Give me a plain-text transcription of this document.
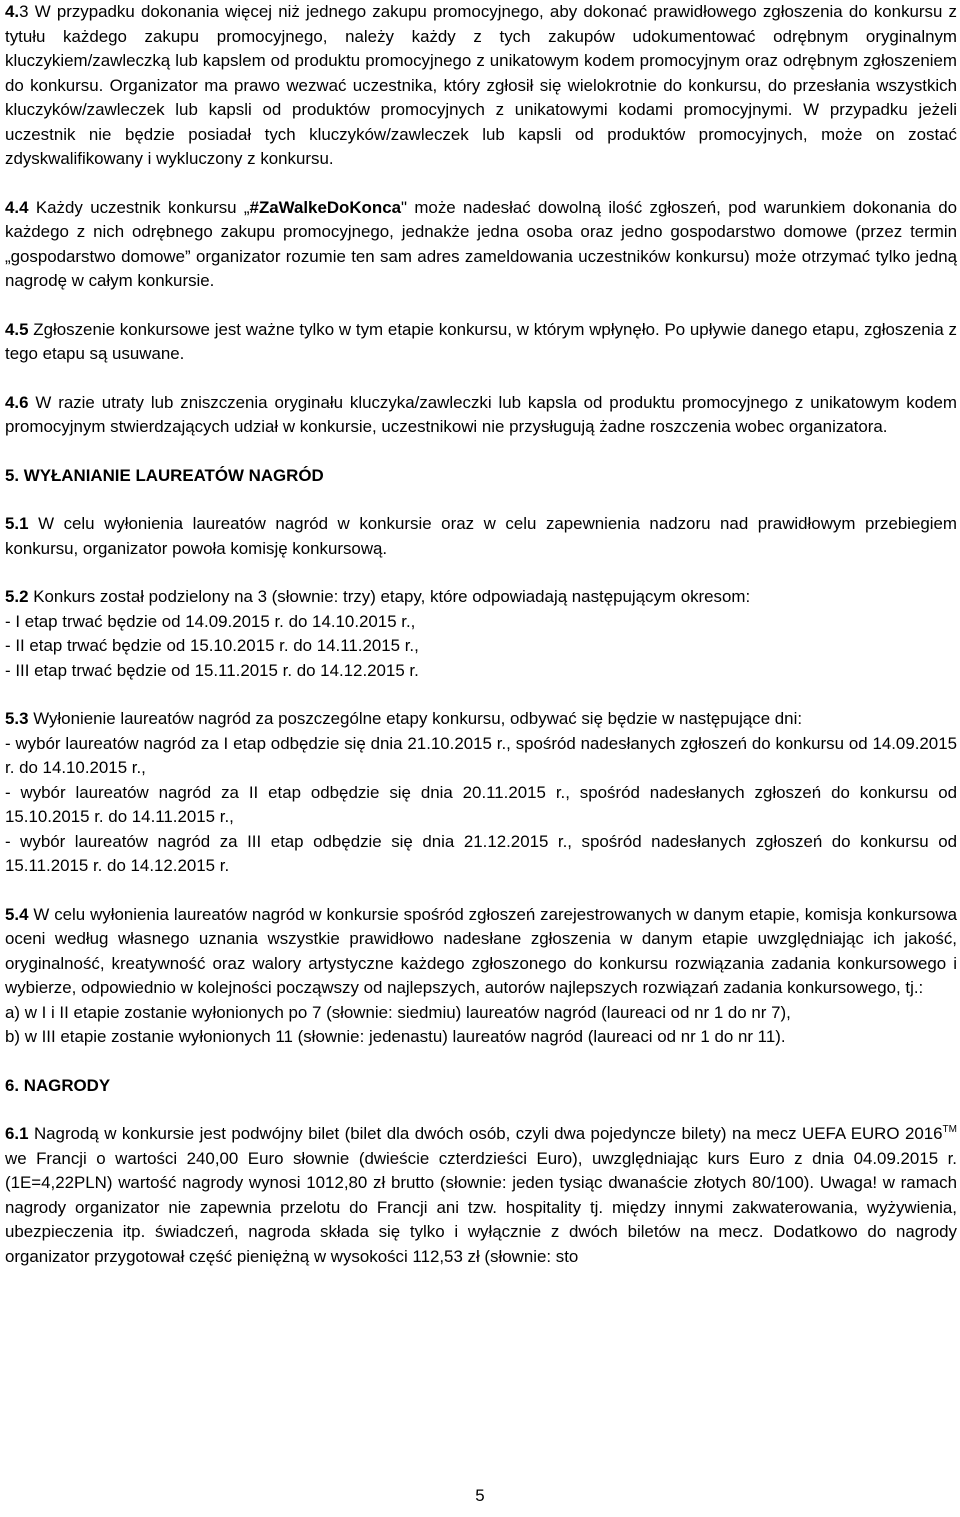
4.3 W przypadku dokonania więcej niż jednego zakupu promocyjnego, aby dokonać prawidłowego zgłoszenia do konkursu z tytułu każdego zakupu promocyjnego, należy każdy z tych zakupów udokumentować odrębnym oryginalnym kluczykiem/zawleczką lub kapslem od produktu promocyjnego z unikatowym kodem promocyjnym oraz odrębnym zgłoszeniem do konkursu. Organizator ma prawo wezwać uczestnika, który zgłosił się wielokrotnie do konkursu, do przesłania wszystkich kluczyków/zawleczek lub kapsli od produktów promocyjnych z unikatowymi kodami promocyjnymi. W przypadku jeżeli uczestnik nie będzie posiadał tych kluczyków/zawleczek lub kapsli od produktów promocyjnych, może on zostać zdyskwalifikowany i wykluczony z konkursu.

4.4 Każdy uczestnik konkursu „#ZaWalkeDoKonca" może nadesłać dowolną ilość zgłoszeń, pod warunkiem dokonania do każdego z nich odrębnego zakupu promocyjnego, jednakże jedna osoba oraz jedno gospodarstwo domowe (przez termin „gospodarstwo domowe” organizator rozumie ten sam adres zameldowania uczestników konkursu) może otrzymać tylko jedną nagrodę w całym konkursie.

4.5 Zgłoszenie konkursowe jest ważne tylko w tym etapie konkursu, w którym wpłynęło. Po upływie danego etapu, zgłoszenia z tego etapu są usuwane.

4.6 W razie utraty lub zniszczenia oryginału kluczyka/zawleczki lub kapsla od produktu promocyjnego z unikatowym kodem promocyjnym stwierdzających udział w konkursie, uczestnikowi nie przysługują żadne roszczenia wobec organizatora.

5. WYŁANIANIE LAUREATÓW NAGRÓD

5.1 W celu wyłonienia laureatów nagród w konkursie oraz w celu zapewnienia nadzoru nad prawidłowym przebiegiem konkursu, organizator powoła komisję konkursową.

5.2 Konkurs został podzielony na 3 (słownie: trzy) etapy, które odpowiadają następującym okresom:

- I etap trwać będzie od 14.09.2015 r. do 14.10.2015 r.,

- II etap trwać będzie od 15.10.2015 r. do 14.11.2015 r.,

- III etap trwać będzie od 15.11.2015 r. do 14.12.2015 r.

5.3 Wyłonienie laureatów nagród za poszczególne etapy konkursu, odbywać się będzie w następujące dni:

- wybór laureatów nagród za I etap odbędzie się dnia 21.10.2015 r., spośród nadesłanych zgłoszeń do konkursu od 14.09.2015 r. do 14.10.2015 r.,

- wybór laureatów nagród za II etap odbędzie się dnia 20.11.2015 r., spośród nadesłanych zgłoszeń do konkursu od 15.10.2015 r. do 14.11.2015 r.,

- wybór laureatów nagród za III etap odbędzie się dnia 21.12.2015 r., spośród nadesłanych zgłoszeń do konkursu od 15.11.2015 r. do 14.12.2015 r.

5.4 W celu wyłonienia laureatów nagród w konkursie spośród zgłoszeń zarejestrowanych w danym etapie, komisja konkursowa oceni według własnego uznania wszystkie prawidłowo nadesłane zgłoszenia w danym etapie uwzględniając ich jakość, oryginalność, kreatywność oraz walory artystyczne każdego zgłoszonego do konkursu rozwiązania zadania konkursowego i wybierze, odpowiednio w kolejności począwszy od najlepszych, autorów najlepszych rozwiązań zadania konkursowego, tj.:

a) w I i II etapie zostanie wyłonionych po 7 (słownie: siedmiu) laureatów nagród (laureaci od nr 1 do nr 7),

b) w III etapie zostanie wyłonionych 11 (słownie: jedenastu) laureatów nagród (laureaci od nr 1 do nr 11).

6. NAGRODY

6.1 Nagrodą w konkursie jest podwójny bilet (bilet dla dwóch osób, czyli dwa pojedyncze bilety) na mecz UEFA EURO 2016™ we Francji o wartości 240,00 Euro słownie (dwieście czterdzieści Euro), uwzględniając kurs Euro z dnia 04.09.2015 r. (1E=4,22PLN) wartość nagrody wynosi 1012,80 zł brutto (słownie: jeden tysiąc dwanaście złotych 80/100). Uwaga! w ramach nagrody organizator nie zapewnia przelotu do Francji ani tzw. hospitality tj. między innymi zakwaterowania, wyżywienia, ubezpieczenia itp. świadczeń, nagroda składa się tylko i wyłącznie z dwóch biletów na mecz. Dodatkowo do nagrody organizator przygotował część pieniężną w wysokości 112,53 zł (słownie: sto

5
